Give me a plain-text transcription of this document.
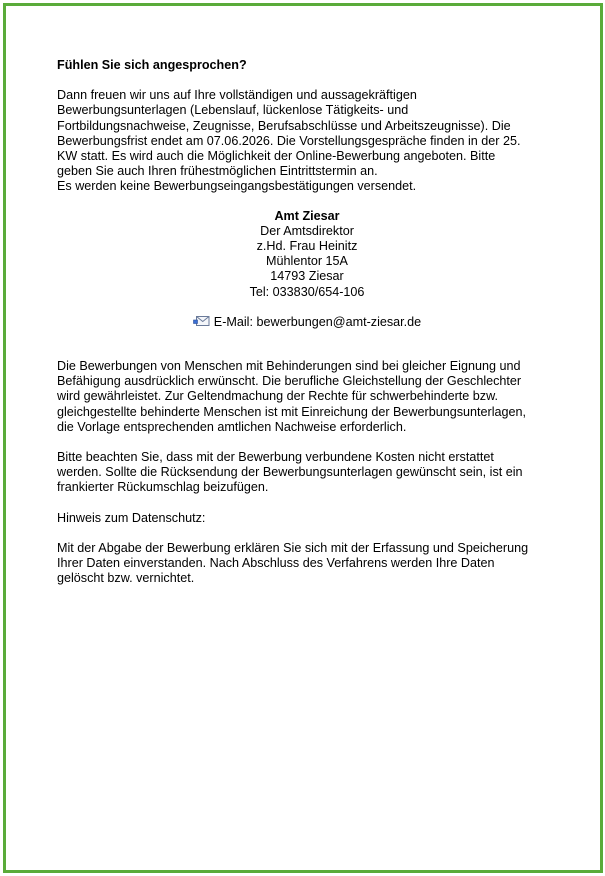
Fühlen Sie sich angesprochen?

Dann freuen wir uns auf Ihre vollständigen und aussagekräftigen
Bewerbungsunterlagen (Lebenslauf, lückenlose Tätigkeits- und
Fortbildungsnachweise, Zeugnisse, Berufsabschlüsse und Arbeitszeugnisse). Die
Bewerbungsfrist endet am 07.06.2026. Die Vorstellungsgespräche finden in der 25.
KW statt. Es wird auch die Möglichkeit der Online-Bewerbung angeboten. Bitte
geben Sie auch Ihren frühestmöglichen Eintrittstermin an.
Es werden keine Bewerbungseingangsbestätigungen versendet.
Amt Ziesar
Der Amtsdirektor
z.Hd. Frau Heinitz
Mühlentor 15A
14793 Ziesar
Tel: 033830/654-106
E-Mail: bewerbungen@amt-ziesar.de
Die Bewerbungen von Menschen mit Behinderungen sind bei gleicher Eignung und
Befähigung ausdrücklich erwünscht. Die berufliche Gleichstellung der Geschlechter
wird gewährleistet. Zur Geltendmachung der Rechte für schwerbehinderte bzw.
gleichgestellte behinderte Menschen ist mit Einreichung der Bewerbungsunterlagen,
die Vorlage entsprechenden amtlichen Nachweise erforderlich.
Bitte beachten Sie, dass mit der Bewerbung verbundene Kosten nicht erstattet
werden. Sollte die Rücksendung der Bewerbungsunterlagen gewünscht sein, ist ein
frankierter Rückumschlag beizufügen.
Hinweis zum Datenschutz:
Mit der Abgabe der Bewerbung erklären Sie sich mit der Erfassung und Speicherung
Ihrer Daten einverstanden. Nach Abschluss des Verfahrens werden Ihre Daten
gelöscht bzw. vernichtet.
